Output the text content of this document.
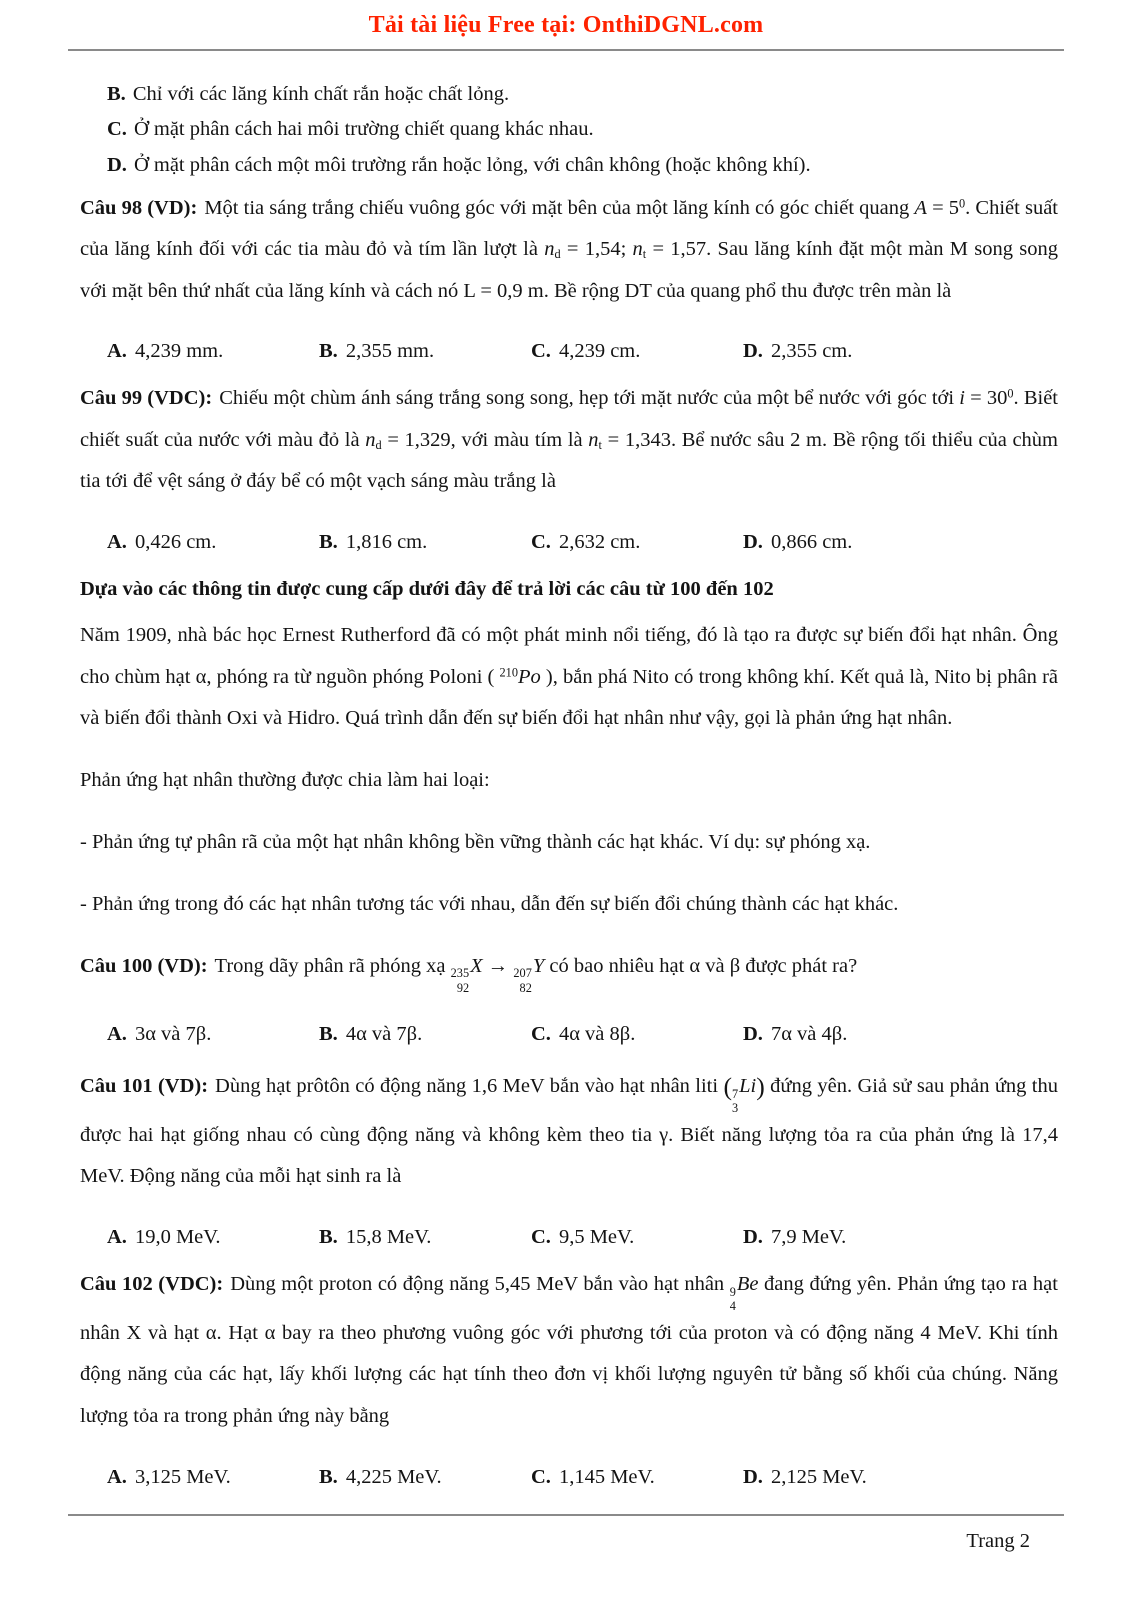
Tải tài liệu Free tại: OnthiDGNL.com
B. Chỉ với các lăng kính chất rắn hoặc chất lỏng.
C. Ở mặt phân cách hai môi trường chiết quang khác nhau.
D. Ở mặt phân cách một môi trường rắn hoặc lỏng, với chân không (hoặc không khí).

Câu 98 (VD): Một tia sáng trắng chiếu vuông góc với mặt bên của một lăng kính có góc chiết quang $A = 5^0$. Chiết suất của lăng kính đối với các tia màu đỏ và tím lần lượt là $n_d = 1,54$; $n_t = 1,57$. Sau lăng kính đặt một màn M song song với mặt bên thứ nhất của lăng kính và cách nó L = 0,9 m. Bề rộng DT của quang phổ thu được trên màn là

A. 4,239 mm.	B. 2,355 mm.	C. 4,239 cm.	D. 2,355 cm.

Câu 99 (VDC): Chiếu một chùm ánh sáng trắng song song, hẹp tới mặt nước của một bể nước với góc tới $i = 30^0$. Biết chiết suất của nước với màu đỏ là $n_d = 1,329$, với màu tím là $n_t = 1,343$. Bể nước sâu 2 m. Bề rộng tối thiểu của chùm tia tới để vệt sáng ở đáy bể có một vạch sáng màu trắng là

A. 0,426 cm.	B. 1,816 cm.	C. 2,632 cm.	D. 0,866 cm.
Dựa vào các thông tin được cung cấp dưới đây để trả lời các câu từ 100 đến 102

Năm 1909, nhà bác học Ernest Rutherford đã có một phát minh nổi tiếng, đó là tạo ra được sự biến đổi hạt nhân. Ông cho chùm hạt α, phóng ra từ nguồn phóng Poloni ( $^{210}$Po ), bắn phá Nito có trong không khí. Kết quả là, Nito bị phân rã và biến đổi thành Oxi và Hidro. Quá trình dẫn đến sự biến đổi hạt nhân như vậy, gọi là phản ứng hạt nhân.

Phản ứng hạt nhân thường được chia làm hai loại:

- Phản ứng tự phân rã của một hạt nhân không bền vững thành các hạt khác. Ví dụ: sự phóng xạ.

- Phản ứng trong đó các hạt nhân tương tác với nhau, dẫn đến sự biến đổi chúng thành các hạt khác.

Câu 100 (VD): Trong dãy phân rã phóng xạ 235
92
X → 207
82
Y có bao nhiêu hạt α và β được phát ra?

A. 3α và 7β.	B. 4α và 7β.	C. 4α và 8β.	D. 7α và 4β.

Câu 101 (VD): Dùng hạt prôtôn có động năng 1,6 MeV bắn vào hạt nhân liti ( 7
3
Li) đứng yên. Giả sử sau phản ứng thu được hai hạt giống nhau có cùng động năng và không kèm theo tia γ. Biết năng lượng tỏa ra của phản ứng là 17,4 MeV. Động năng của mỗi hạt sinh ra là

A. 19,0 MeV.	B. 15,8 MeV.	C. 9,5 MeV.	D. 7,9 MeV.

Câu 102 (VDC): Dùng một proton có động năng 5,45 MeV bắn vào hạt nhân 9
4
Be đang đứng yên. Phản ứng tạo ra hạt nhân X và hạt α. Hạt α bay ra theo phương vuông góc với phương tới của proton và có động năng 4 MeV. Khi tính động năng của các hạt, lấy khối lượng các hạt tính theo đơn vị khối lượng nguyên tử bằng số khối của chúng. Năng lượng tỏa ra trong phản ứng này bằng

A. 3,125 MeV.	B. 4,225 MeV.	C. 1,145 MeV.	D. 2,125 MeV.
Trang 2
